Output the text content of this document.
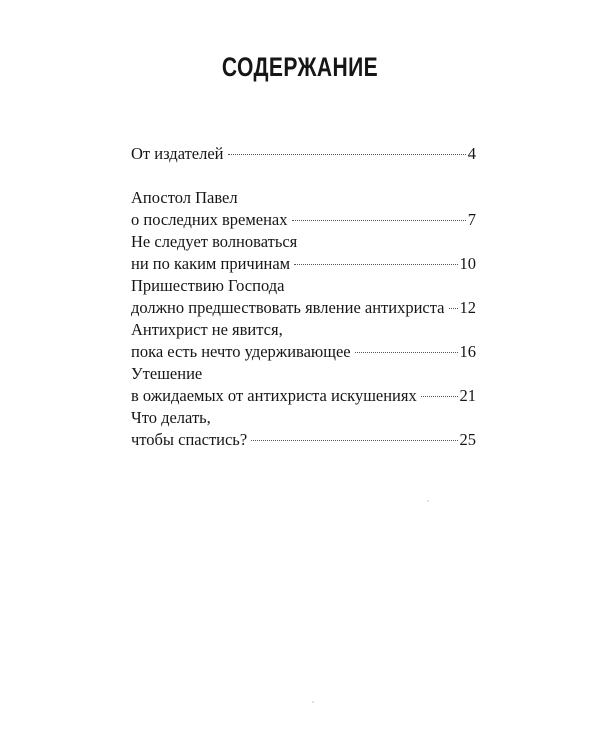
СОДЕРЖАНИЕ
От издателей	4
Апостол Павел
о последних временах	7
Не следует волноваться
ни по каким причинам	10
Пришествию Господа
должно предшествовать явление антихриста 12
Антихрист не явится,
пока есть нечто удерживающее	16
Утешение
в ожидаемых от антихриста искушениях	21
Что делать,
чтобы спастись?	25
